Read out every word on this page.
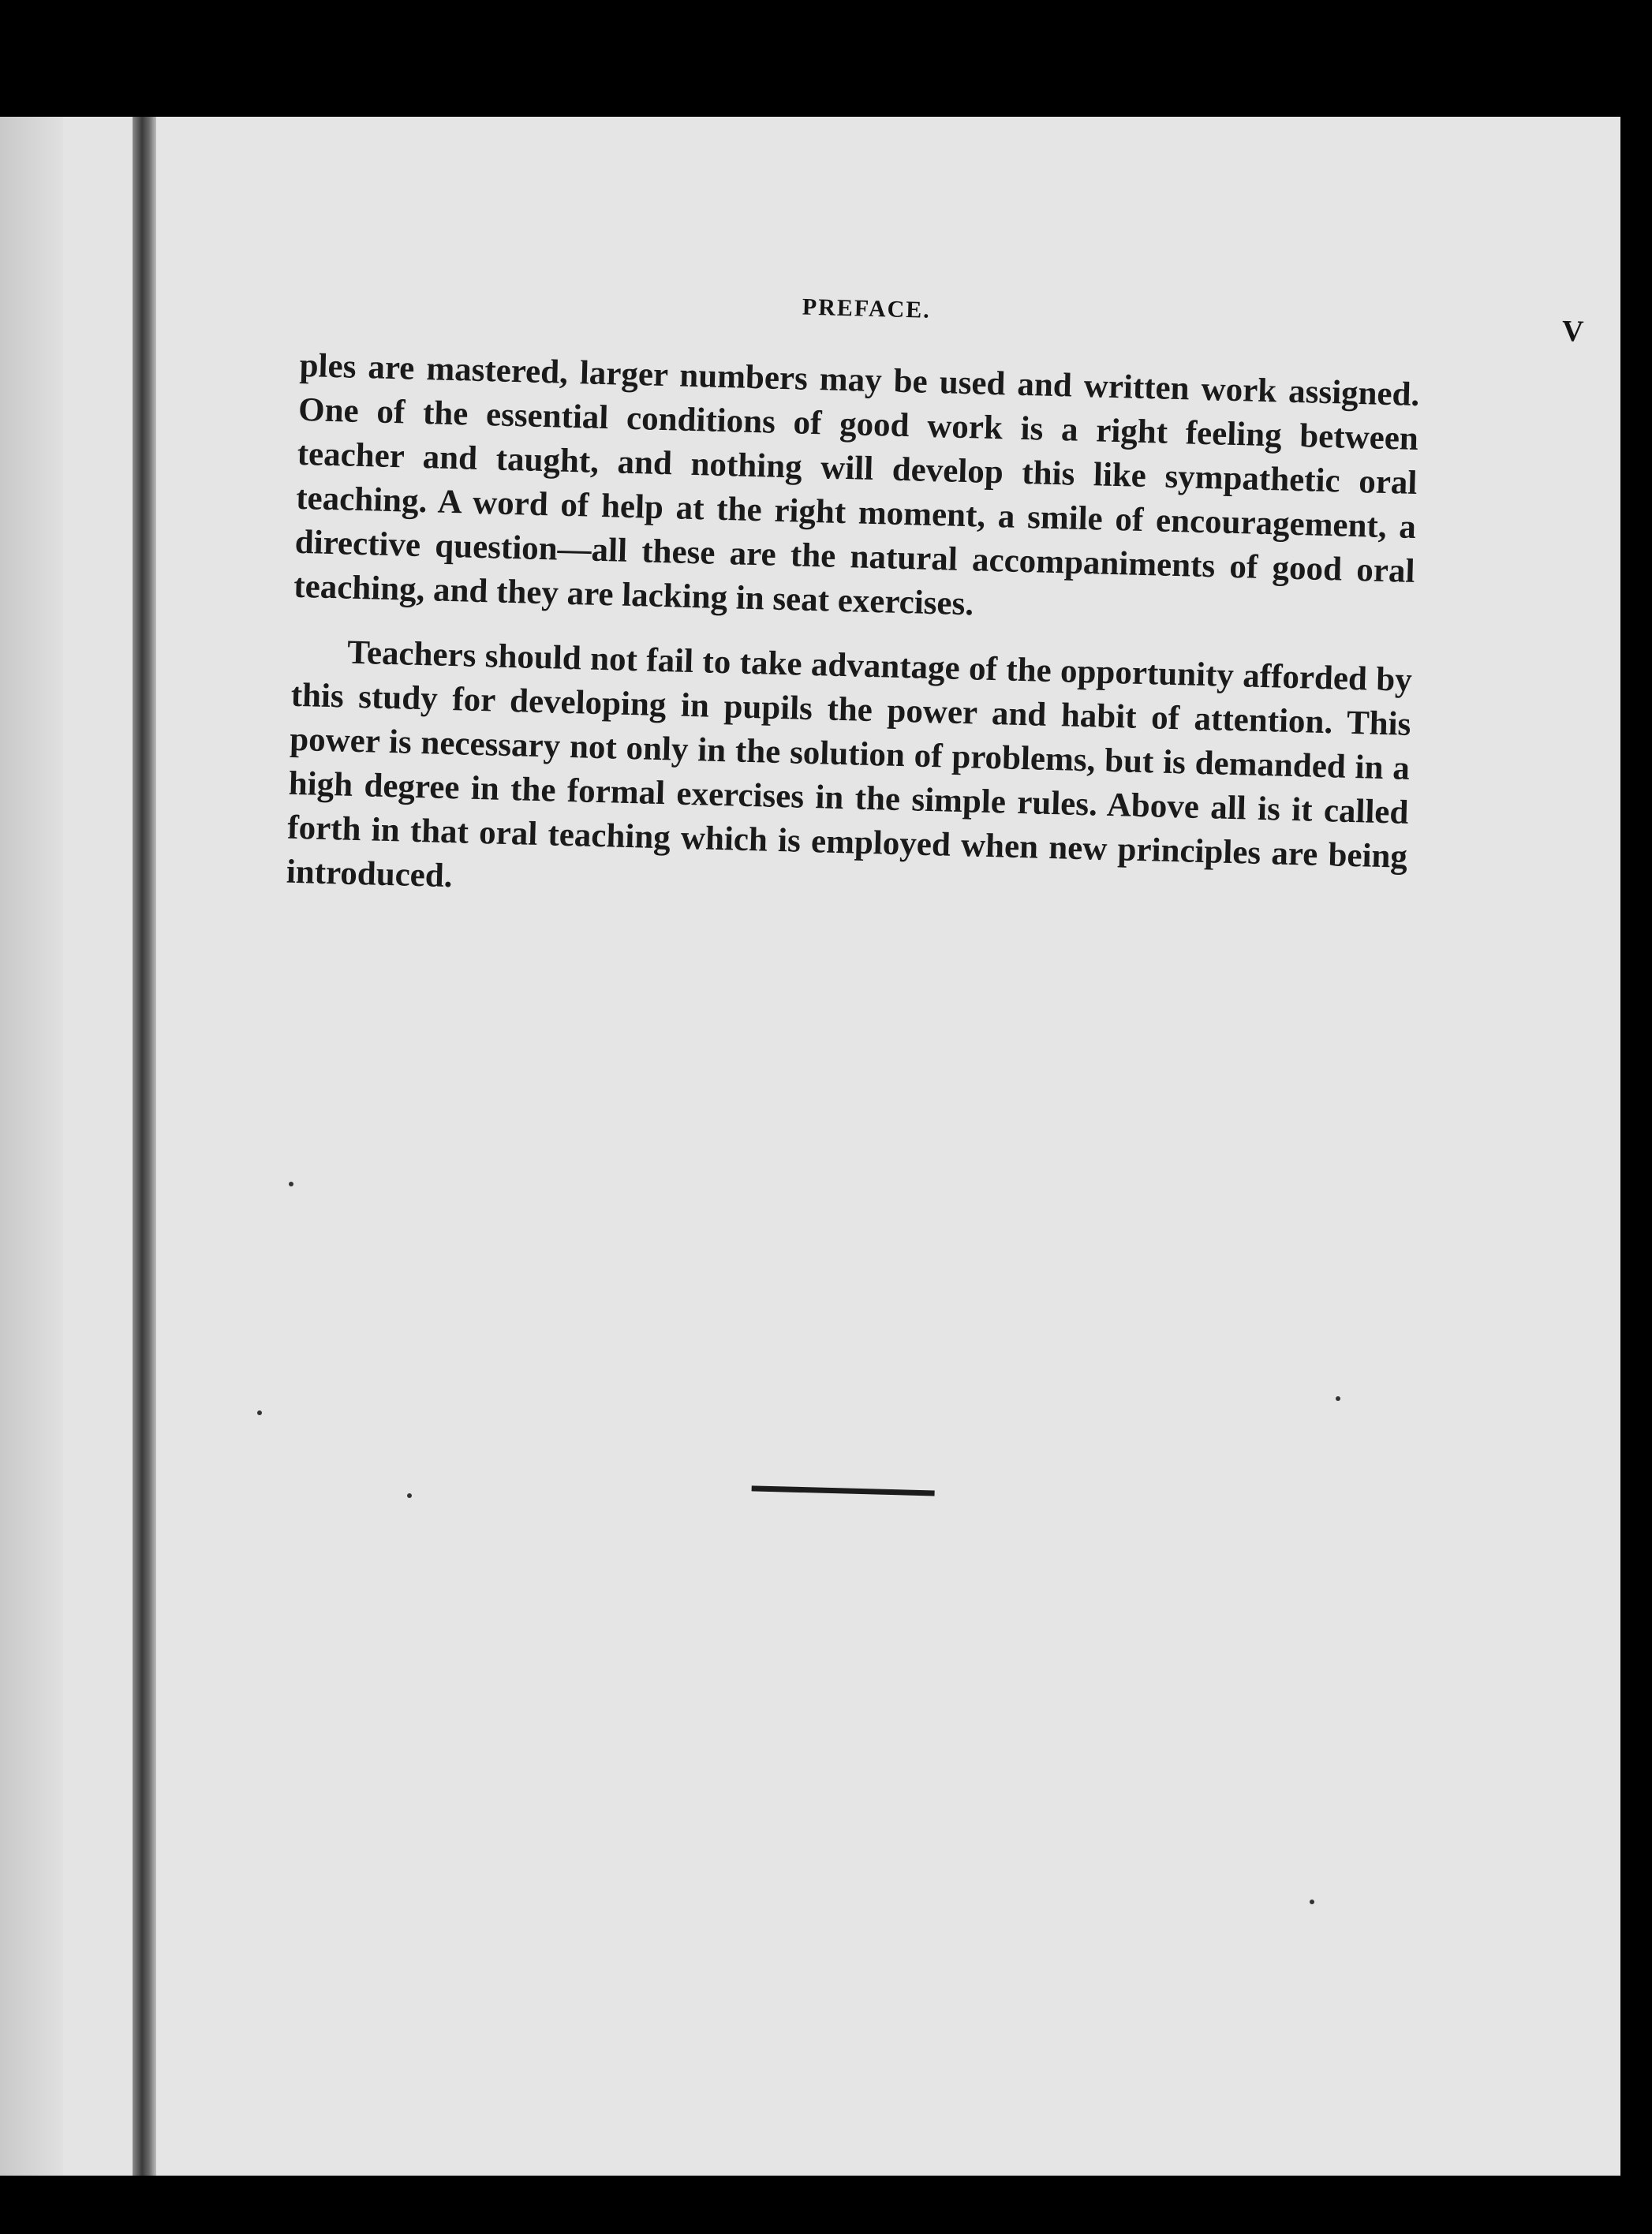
PREFACE.
V

ples are mastered, larger numbers may be used and written work assigned. One of the essential conditions of good work is a right feeling between teacher and taught, and nothing will develop this like sympathetic oral teaching. A word of help at the right moment, a smile of encouragement, a directive question—all these are the natural accompaniments of good oral teaching, and they are lacking in seat exercises.

Teachers should not fail to take advantage of the opportunity afforded by this study for developing in pupils the power and habit of attention. This power is necessary not only in the solution of problems, but is demanded in a high degree in the formal exercises in the simple rules. Above all is it called forth in that oral teaching which is employed when new principles are being introduced.
